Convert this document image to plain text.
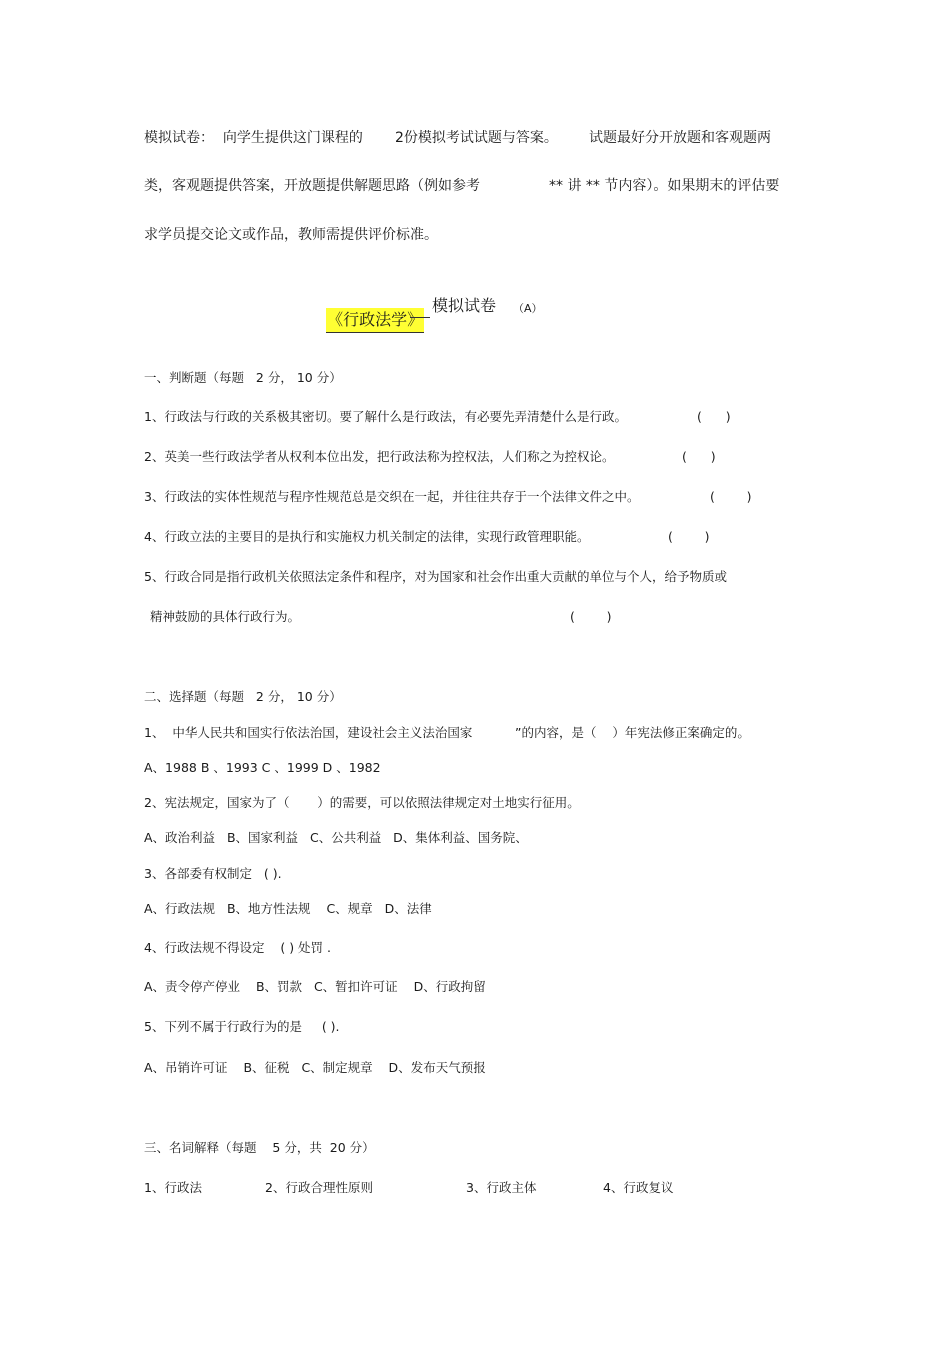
模拟试卷：  向学生提供这门课程的 2份模拟考试试题与答案。 试题最好分开放题和客观题两
类，客观题提供答案，开放题提供解题思路（例如参考	** 讲 ** 节内容）。如果期末的评估要
求学员提交论文或作品，教师需提供评价标准。

《行政法学》

模拟试卷 （A）
一、判断题（每题   2 分， 10 分）
1、行政法与行政的关系极其密切。要了解什么是行政法，有必要先弄清楚什么是行政。	(      )
2、英美一些行政法学者从权利本位出发，把行政法称为控权法，人们称之为控权论。	(      )
3、行政法的实体性规范与程序性规范总是交织在一起，并往往共存于一个法律文件之中。	(        )
4、行政立法的主要目的是执行和实施权力机关制定的法律，实现行政管理职能。	(        )
5、行政合同是指行政机关依照法定条件和程序，对为国家和社会作出重大贡献的单位与个人，给予物质或
精神鼓励的具体行政行为。	(        )
二、选择题（每题   2 分， 10 分）
1、  中华人民共和国实行依法治国，建设社会主义法治国家	”的内容，是（    ）年宪法修正案确定的。
A、1988 B 、1993 C 、1999 D 、1982
2、宪法规定，国家为了（       ）的需要，可以依照法律规定对土地实行征用。
A、政治利益   B、国家利益   C、公共利益   D、集体利益、国务院、
3、各部委有权制定   ( ).
A、行政法规   B、地方性法规    C、规章   D、法律
4、行政法规不得设定    ( ) 处罚 .
A、责令停产停业    B、罚款   C、暂扣许可证    D、行政拘留
5、下列不属于行政行为的是     ( ).
A、吊销许可证    B、征税   C、制定规章    D、发布天气预报
三、名词解释（每题    5 分，共  20 分）
1、行政法	2、行政合理性原则	3、行政主体	4、行政复议
